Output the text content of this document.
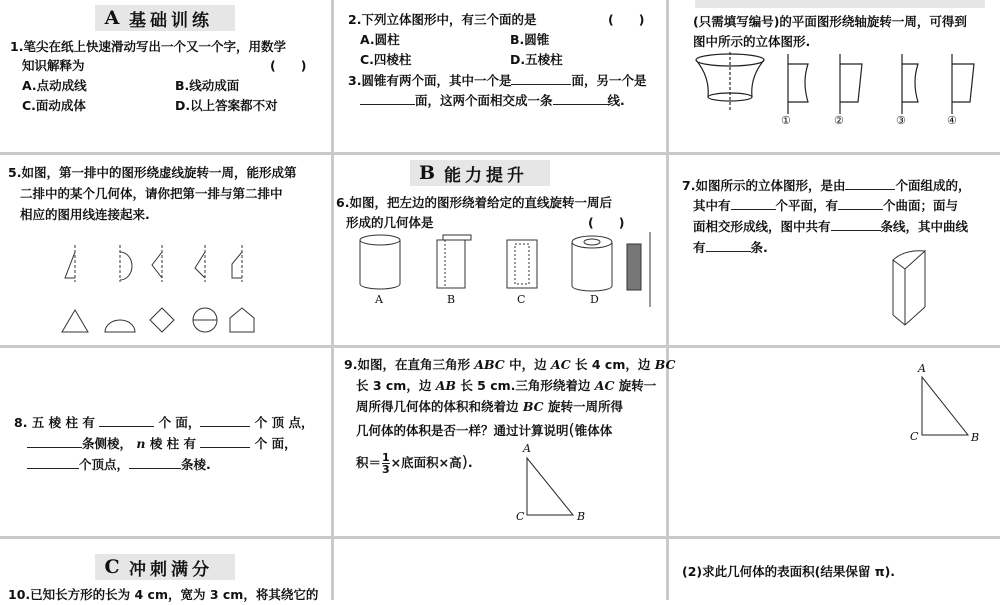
A 基础训练
1.笔尖在纸上快速滑动写出一个又一个字，用数学
知识解释为	(　　)
A.点动成线	B.线动成面
C.面动成体	D.以上答案都不对
2.下列立体图形中，有三个面的是	(　　)
A.圆柱	B.圆锥
C.四棱柱	D.五棱柱
3.圆锥有两个面，其中一个是	面，另一个是
面，这两个面相交成一条	线.
(只需填写编号)的平面图形绕轴旋转一周，可得到
图中所示的立体图形.
①	②	③	④
5.如图，第一排中的图形绕虚线旋转一周，能形成第
二排中的某个几何体，请你把第一排与第二排中
相应的图用线连接起来.
B 能力提升
6.如图，把左边的图形绕着给定的直线旋转一周后
形成的几何体是	(　　)
A	B	C	D
7.如图所示的立体图形，是由	个面组成的，
其中有	个平面，有	个曲面；面与
面相交形成线，图中共有	条线，其中曲线
有	条.
8. 五 棱 柱 有	个 面，	个 顶 点，
条侧棱， n 棱 柱 有	个 面，
个顶点，	条棱.
9.如图，在直角三角形 ABC 中，边 AC 长 4 cm，边 BC
长 3 cm，边 AB 长 5 cm.三角形绕着边 AC 旋转一
周所得几何体的体积和绕着边 BC 旋转一周所得
几何体的体积是否一样？通过计算说明(锥体体
积＝ $\frac{1}{3}$ ×底面积×高).
A
C	B
A
C	B
C 冲刺满分
10.已知长方形的长为 4 cm，宽为 3 cm，将其绕它的
(2)求此几何体的表面积(结果保留 π).
